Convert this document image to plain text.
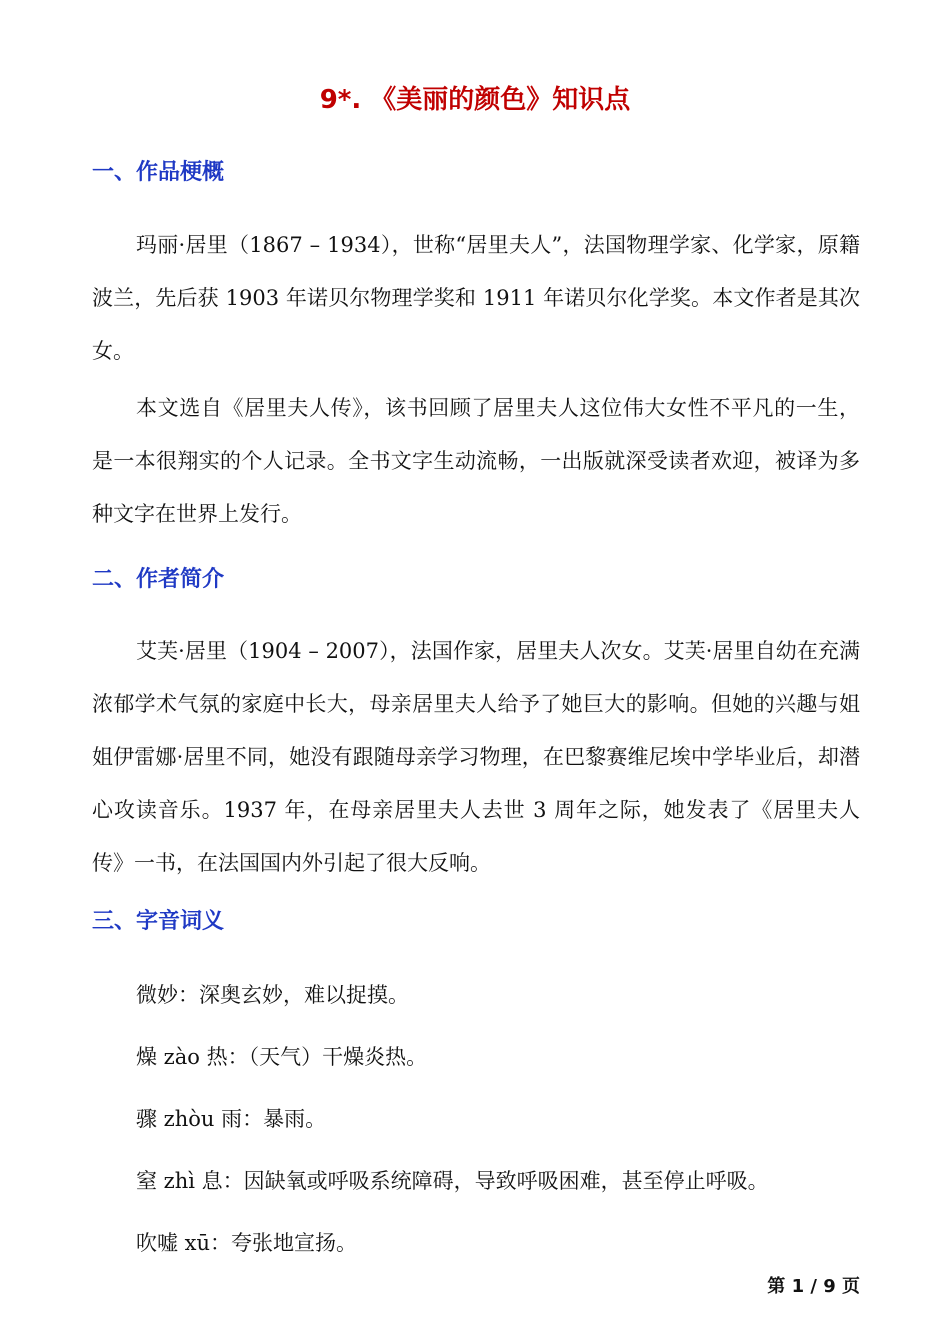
9*. 《美丽的颜色》知识点
一、作品梗概

玛丽·居里（1867 – 1934），世称“居里夫人”，法国物理学家、化学家，原籍波兰，先后获 1903 年诺贝尔物理学奖和 1911 年诺贝尔化学奖。本文作者是其次女。

本文选自《居里夫人传》，该书回顾了居里夫人这位伟大女性不平凡的一生，是一本很翔实的个人记录。全书文字生动流畅，一出版就深受读者欢迎，被译为多种文字在世界上发行。

二、作者简介

艾芙·居里（1904 – 2007），法国作家，居里夫人次女。艾芙·居里自幼在充满浓郁学术气氛的家庭中长大，母亲居里夫人给予了她巨大的影响。但她的兴趣与姐姐伊雷娜·居里不同，她没有跟随母亲学习物理，在巴黎赛维尼埃中学毕业后，却潜心攻读音乐。1937 年，在母亲居里夫人去世 3 周年之际，她发表了《居里夫人传》一书，在法国国内外引起了很大反响。

三、字音词义

微妙：深奥玄妙，难以捉摸。

燥 zào 热：（天气）干燥炎热。

骤 zhòu 雨：暴雨。

窒 zhì 息：因缺氧或呼吸系统障碍，导致呼吸困难，甚至停止呼吸。

吹嘘 xū：夸张地宣扬。

第 1 / 9 页
